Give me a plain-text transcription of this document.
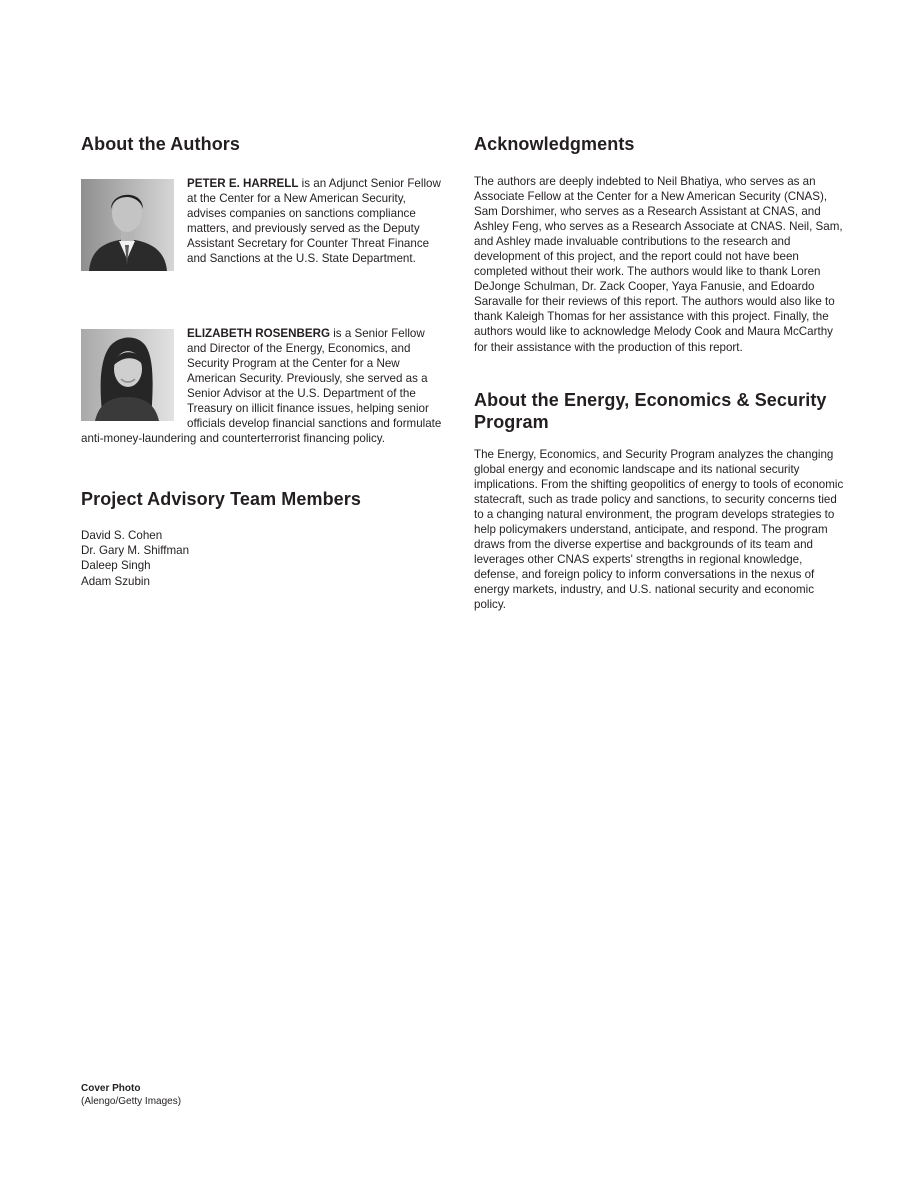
About the Authors
PETER E. HARRELL is an Adjunct Senior Fellow at the Center for a New American Security, advises companies on sanctions compliance matters, and previously served as the Deputy Assistant Secretary for Counter Threat Finance and Sanctions at the U.S. State Department.
ELIZABETH ROSENBERG is a Senior Fellow and Director of the Energy, Economics, and Security Program at the Center for a New American Security. Previously, she served as a Senior Advisor at the U.S. Department of the Treasury on illicit finance issues, helping senior officials develop financial sanctions and formulate anti-money-laundering and counterterrorist financing policy.
Project Advisory Team Members
David S. Cohen
Dr. Gary M. Shiffman
Daleep Singh
Adam Szubin
Acknowledgments

The authors are deeply indebted to Neil Bhatiya, who serves as an Associate Fellow at the Center for a New American Security (CNAS), Sam Dorshimer, who serves as a Research Assistant at CNAS, and Ashley Feng, who serves as a Research Associate at CNAS. Neil, Sam, and Ashley made invaluable contributions to the research and development of this project, and the report could not have been completed without their work. The authors would like to thank Loren DeJonge Schulman, Dr. Zack Cooper, Yaya Fanusie, and Edoardo Saravalle for their reviews of this report. The authors would also like to thank Kaleigh Thomas for her assistance with this project. Finally, the authors would like to acknowledge Melody Cook and Maura McCarthy for their assistance with the production of this report.

About the Energy, Economics & Security Program

The Energy, Economics, and Security Program analyzes the changing global energy and economic landscape and its national security implications. From the shifting geopolitics of energy to tools of economic statecraft, such as trade policy and sanctions, to security concerns tied to a changing natural environment, the program develops strategies to help policymakers understand, anticipate, and respond. The program draws from the diverse expertise and backgrounds of its team and leverages other CNAS experts' strengths in regional knowledge, defense, and foreign policy to inform conversations in the nexus of energy markets, industry, and U.S. national security and economic policy.

Cover Photo
(Alengo/Getty Images)
